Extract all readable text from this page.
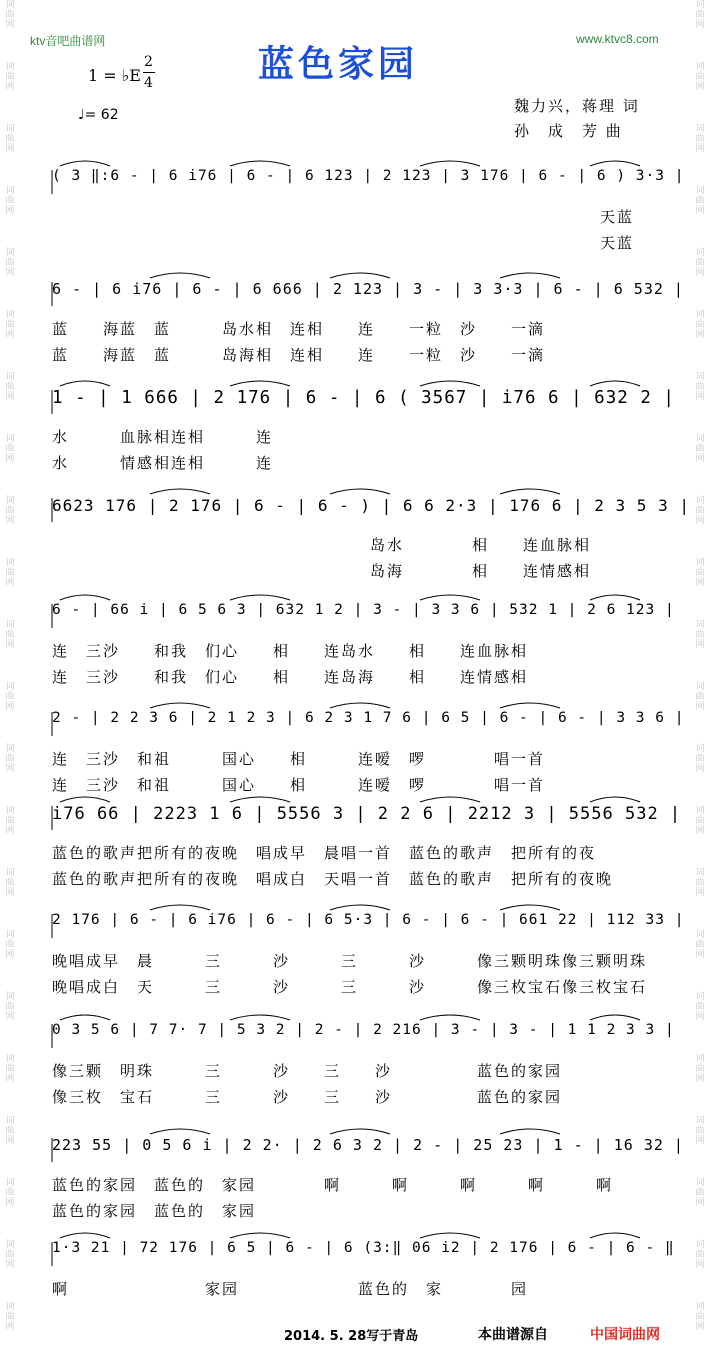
词
曲
网
词
曲
网
词
曲
网
词
曲
网
词
曲
网
词
曲
网
词
曲
网
词
曲
网
词
曲
网
词
曲
网
词
曲
网
词
曲
网
词
曲
网
词
曲
网
词
曲
网
词
曲
网
词
曲
网
词
曲
网
词
曲
网
词
曲
网
词
曲
网
词
曲
网
词
曲
网
词
曲
网
词
曲
网
词
曲
网
词
曲
网
词
曲
网
词
曲
网
词
曲
网
词
曲
网
词
曲
网
词
曲
网
词
曲
网
词
曲
网
词
曲
网
词
曲
网
词
曲
网
词
曲
网
词
曲
网
词
曲
网
词
曲
网
词
曲
网
词
曲
网
ktv音吧曲谱网	www.ktvc8.com
蓝色家园
1 = ♭E
2
4
♩= 62	魏力兴，蒋理 词
孙　成　芳 曲
( 3 ‖:6 - | 6 i76 | 6 - | 6 123 | 2 123 | 3 176 | 6 - | 6 ) 3·3 |
天蓝
天蓝
6 - | 6 i76 | 6 - | 6 666 | 2 123 | 3 - | 3 3·3 | 6 - | 6 532 |
蓝　　海蓝　蓝　　　岛水相　连相　　连　　一粒　沙　　一滴
蓝　　海蓝　蓝　　　岛海相　连相　　连　　一粒　沙　　一滴
1 - | 1 666 | 2 176 | 6 - | 6 ( 3567 | i76 6 | 632 2 |
水　　　血脉相连相　　　连
水　　　情感相连相　　　连
6623 176 | 2 176 | 6 - | 6 - ) | 6 6 2·3 | 176 6 | 2 3 5 3 |
岛水　　　　相　　连血脉相
岛海　　　　相　　连情感相
6 - | 66 i | 6 5 6 3 | 632 1 2 | 3 - | 3 3 6 | 532 1 | 2 6 123 |
连　三沙　　和我　们心　　相　　连岛水　　相　　连血脉相
连　三沙　　和我　们心　　相　　连岛海　　相　　连情感相
2 - | 2 2 3 6 | 2 1 2 3 | 6 2 3 1 7 6 | 6 5 | 6 - | 6 - | 3 3 6 |
连　三沙　和祖　　　国心　　相　　　连嗳　啰　　　　唱一首
连　三沙　和祖　　　国心　　相　　　连嗳　啰　　　　唱一首
i76 66 | 2223 1 6 | 5556 3 | 2 2 6 | 2212 3 | 5556 532 |
蓝色的歌声把所有的夜晚　唱成早　晨唱一首　蓝色的歌声　把所有的夜
蓝色的歌声把所有的夜晚　唱成白　天唱一首　蓝色的歌声　把所有的夜晚
2 176 | 6 - | 6 i76 | 6 - | 6 5·3 | 6 - | 6 - | 661 22 | 112 33 |
晚唱成早　晨　　　三　　　沙　　　三　　　沙　　　像三颗明珠像三颗明珠
晚唱成白　天　　　三　　　沙　　　三　　　沙　　　像三枚宝石像三枚宝石
0 3 5 6 | 7 7· 7 | 5 3 2 | 2 - | 2 216 | 3 - | 3 - | 1 1 2 3 3 |
像三颗　明珠　　　三　　　沙　　三　　沙　　　　　蓝色的家园
像三枚　宝石　　　三　　　沙　　三　　沙　　　　　蓝色的家园
223 55 | 0 5 6 i | 2 2· | 2 6 3 2 | 2 - | 25 23 | 1 - | 16 32 |
蓝色的家园　蓝色的　家园　　　　啊　　　啊　　　啊　　　啊　　　啊
蓝色的家园　蓝色的　家园
1·3 21 | 72 176 | 6 5 | 6 - | 6 (3:‖ 06 i2 | 2 176 | 6 - | 6 - ‖
啊　　　　　　　　家园　　　　　　　蓝色的　家　　　　园
2014. 5. 28写于青岛	本曲谱源自	中国词曲网
